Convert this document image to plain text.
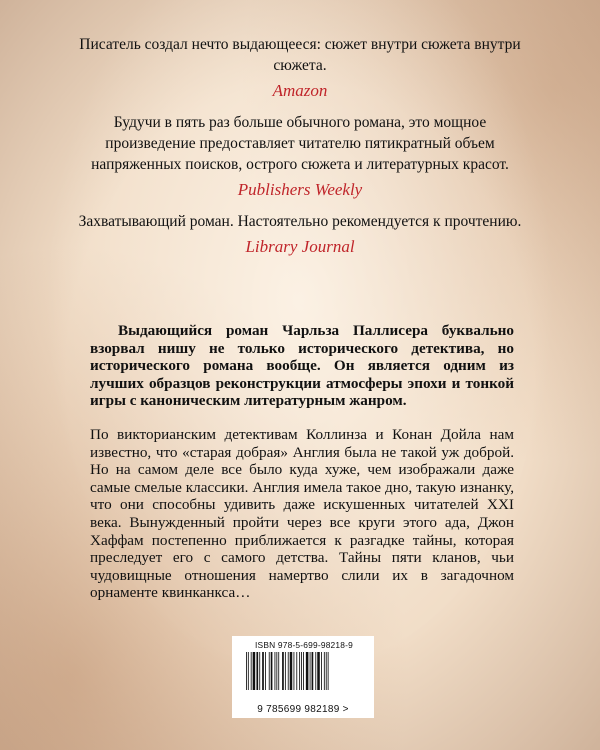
Писатель создал нечто выдающееся: сюжет внутри сюжета внутри сюжета.

Amazon

Будучи в пять раз больше обычного романа, это мощное произведение предоставляет читателю пятикратный объем напряженных поисков, острого сюжета и литературных красот.

Publishers Weekly

Захватывающий роман. Настоятельно рекомендуется к прочтению.

Library Journal

Выдающийся роман Чарльза Паллисера буквально взорвал нишу не только исторического детектива, но исторического романа вообще. Он является одним из лучших образцов реконструкции атмосферы эпохи и тонкой игры с каноническим литературным жанром.

По викторианским детективам Коллинза и Конан Дойла нам известно, что «старая добрая» Англия была не такой уж доброй. Но на самом деле все было куда хуже, чем изображали даже самые смелые классики. Англия имела такое дно, такую изнанку, что они способны удивить даже искушенных читателей XXI века. Вынужденный пройти через все круги этого ада, Джон Хаффам постепенно приближается к разгадке тайны, которая преследует его с самого детства. Тайны пяти кланов, чьи чудовищные отношения намертво слили их в загадочном орнаменте квинканкса…

ISBN 978-5-699-98218-9
9 785699 982189 >
